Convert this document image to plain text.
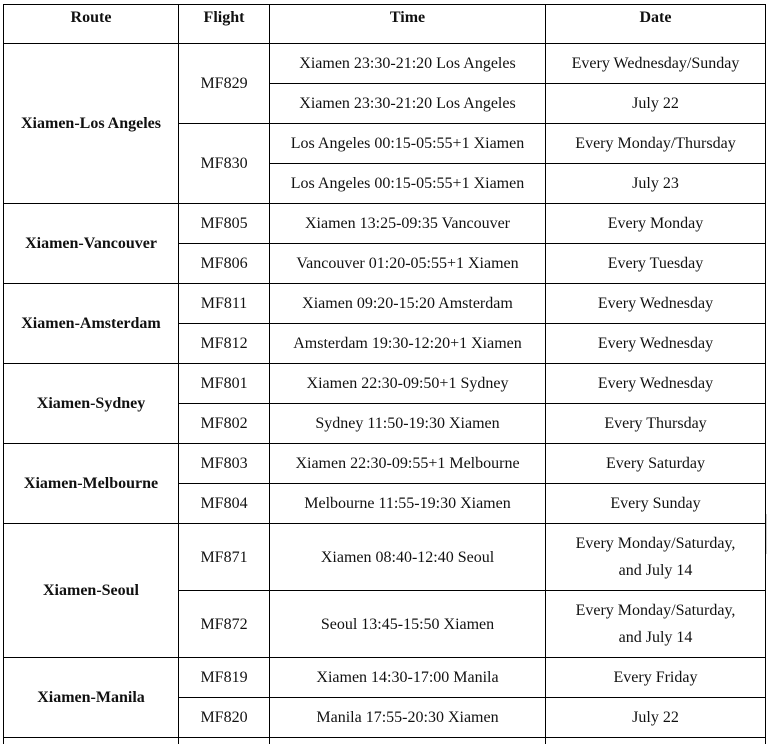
Route	Flight	Time	Date
Xiamen-Los Angeles	MF829	Xiamen 23:30-21:20 Los Angeles	Every Wednesday/Sunday
		Xiamen 23:30-21:20 Los Angeles	July 22
	MF830	Los Angeles 00:15-05:55+1 Xiamen	Every Monday/Thursday
		Los Angeles 00:15-05:55+1 Xiamen	July 23
Xiamen-Vancouver	MF805	Xiamen 13:25-09:35 Vancouver	Every Monday
	MF806	Vancouver 01:20-05:55+1 Xiamen	Every Tuesday
Xiamen-Amsterdam	MF811	Xiamen 09:20-15:20 Amsterdam	Every Wednesday
	MF812	Amsterdam 19:30-12:20+1 Xiamen	Every Wednesday
Xiamen-Sydney	MF801	Xiamen 22:30-09:50+1 Sydney	Every Wednesday
	MF802	Sydney 11:50-19:30 Xiamen	Every Thursday
Xiamen-Melbourne	MF803	Xiamen 22:30-09:55+1 Melbourne	Every Saturday
	MF804	Melbourne 11:55-19:30 Xiamen	Every Sunday
Xiamen-Seoul	MF871	Xiamen 08:40-12:40 Seoul	Every Monday/Saturday,
and July 14
	MF872	Seoul 13:45-15:50 Xiamen	Every Monday/Saturday,
and July 14
Xiamen-Manila	MF819	Xiamen 14:30-17:00 Manila	Every Friday
	MF820	Manila 17:55-20:30 Xiamen	July 22
